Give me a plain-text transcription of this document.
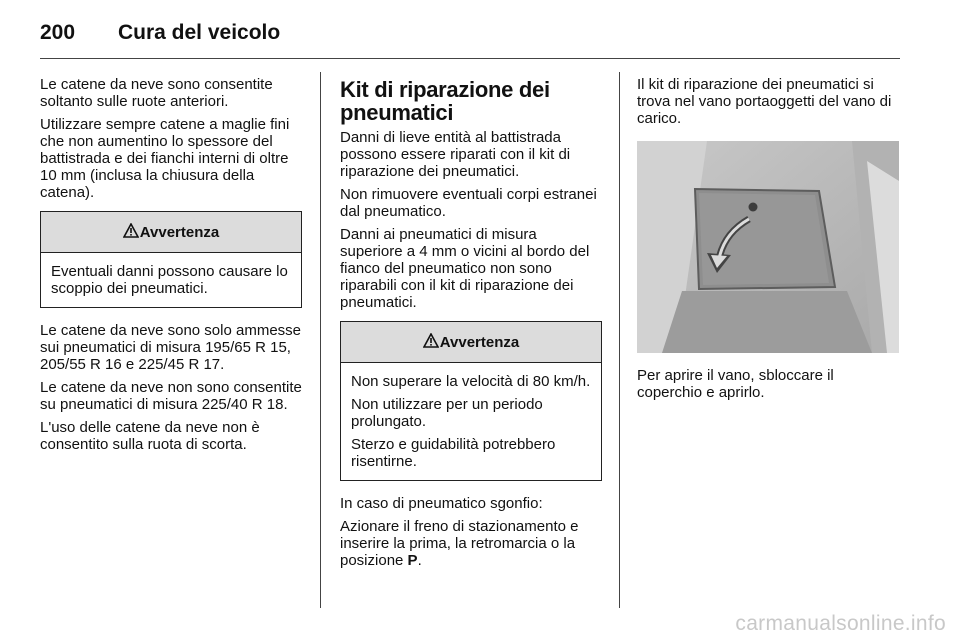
200	Cura del veicolo

Le catene da neve sono consentite soltanto sulle ruote anteriori.

Utilizzare sempre catene a maglie fini che non aumentino lo spessore del battistrada e dei fianchi interni di oltre 10 mm (inclusa la chiusura della catena).

Avvertenza

Eventuali danni possono causare lo scoppio dei pneumatici.

Le catene da neve sono solo ammesse sui pneumatici di misura 195/65 R 15, 205/55 R 16 e 225/45 R 17.

Le catene da neve non sono consentite su pneumatici di misura 225/40 R 18.

L'uso delle catene da neve non è consentito sulla ruota di scorta.

Kit di riparazione dei pneumatici

Danni di lieve entità al battistrada possono essere riparati con il kit di riparazione dei pneumatici.

Non rimuovere eventuali corpi estranei dal pneumatico.

Danni ai pneumatici di misura superiore a 4 mm o vicini al bordo del fianco del pneumatico non sono riparabili con il kit di riparazione dei pneumatici.

Avvertenza

Non superare la velocità di 80 km/h.

Non utilizzare per un periodo prolungato.

Sterzo e guidabilità potrebbero risentirne.

In caso di pneumatico sgonfio:

Azionare il freno di stazionamento e inserire la prima, la retromarcia o la posizione P.

Il kit di riparazione dei pneumatici si trova nel vano portaoggetti del vano di carico.

Per aprire il vano, sbloccare il coperchio e aprirlo.

carmanualsonline.info
